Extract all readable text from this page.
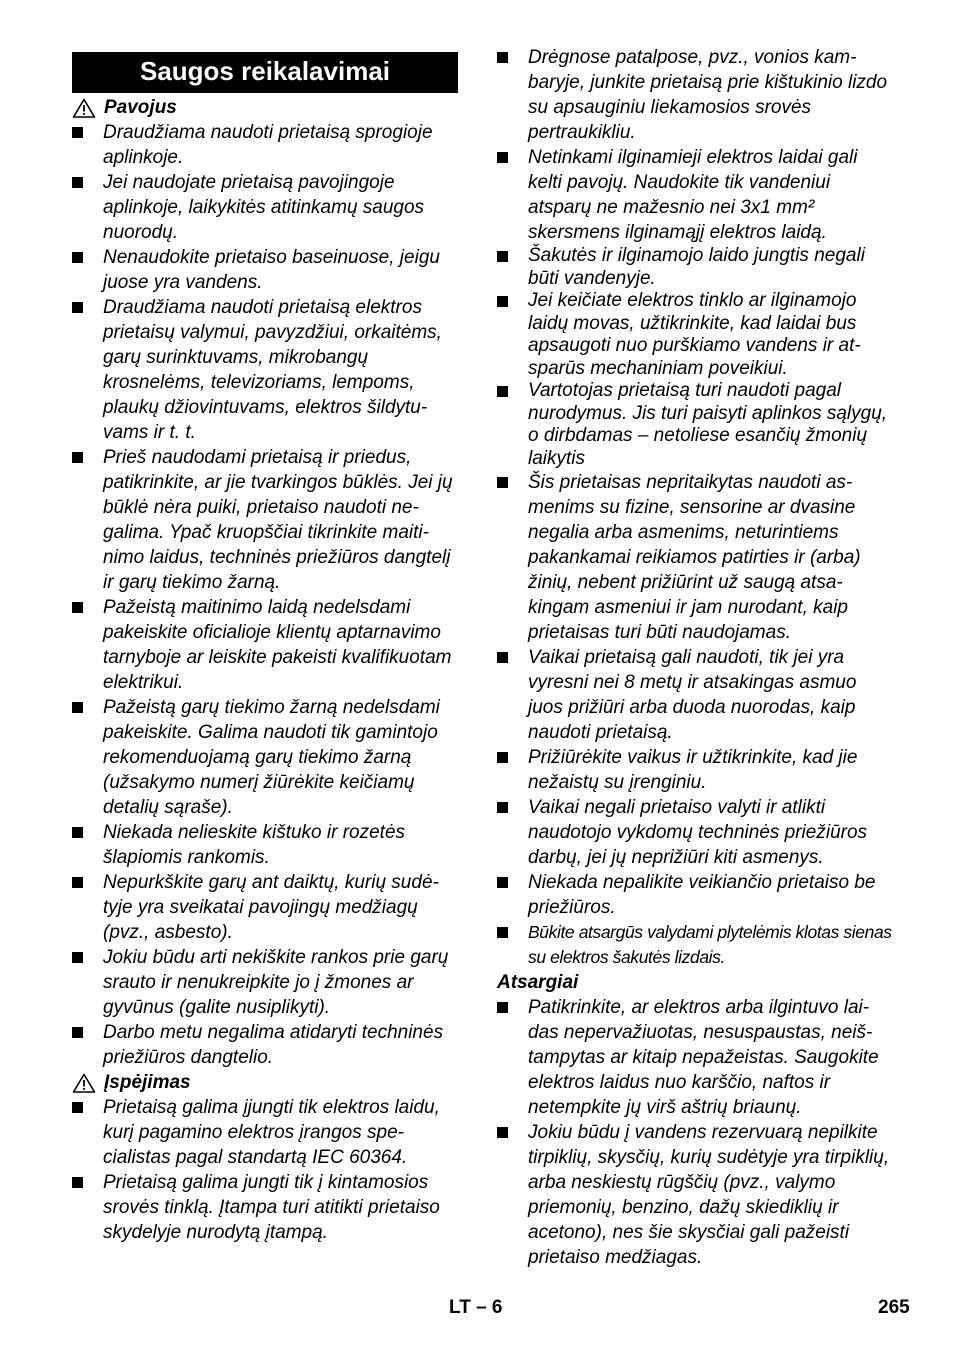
Saugos reikalavimai
Pavojus
Draudžiama naudoti prietaisą sprogioje aplinkoje.
Jei naudojate prietaisą pavojingoje aplinkoje, laikykitės atitinkamų saugos nuorodų.
Nenaudokite prietaiso baseinuose, jeigu juose yra vandens.
Draudžiama naudoti prietaisą elektros prietaisų valymui, pavyzdžiui, orkaitėms, garų surinktuvams, mikrobangų krosnelėms, televizoriams, lempoms, plaukų džiovintuvams, elektros šildytuvams ir t. t.
Prieš naudodami prietaisą ir priedus, patikrinkite, ar jie tvarkingos būklės. Jei jų būklė nėra puiki, prietaiso naudoti negalima. Ypač kruopščiai tikrinkite maitinimo laidus, techninės priežiūros dangtelį ir garų tiekimo žarną.
Pažeistą maitinimo laidą nedelsdami pakeiskite oficialioje klientų aptarnavimo tarnyboje ar leiskite pakeisti kvalifikuotam elektrikui.
Pažeistą garų tiekimo žarną nedelsdami pakeiskite. Galima naudoti tik gamintojo rekomenduojamą garų tiekimo žarną (užsakymo numerį žiūrėkite keičiamų detalių sąraše).
Niekada nelieskite kištuko ir rozetės šlapiomis rankomis.
Nepurkškite garų ant daiktų, kurių sudėtyje yra sveikatai pavojingų medžiagų (pvz., asbesto).
Jokiu būdu arti nekiškite rankos prie garų srauto ir nenukreipkite jo į žmones ar gyvūnus (galite nusiplikyti).
Darbo metu negalima atidaryti techninės priežiūros dangtelio.
Įspėjimas
Prietaisą galima įjungti tik elektros laidu, kurį pagamino elektros įrangos specialistas pagal standartą IEC 60364.
Prietaisą galima jungti tik į kintamosios srovės tinklą. Įtampa turi atitikti prietaiso skydelyje nurodytą įtampą.
Drėgnose patalpose, pvz., vonios kambaryje, junkite prietaisą prie kištukinio lizdo su apsauginiu liekamosios srovės pertraukikliu.
Netinkami ilginamieji elektros laidai gali kelti pavojų. Naudokite tik vandeniui atsparų ne mažesnio nei 3x1 mm² skersmens ilginamąjį elektros laidą.
Šakutės ir ilginamojo laido jungtis negali būti vandenyje.
Jei keičiate elektros tinklo ar ilginamojo laidų movas, užtikrinkite, kad laidai bus apsaugoti nuo purškiamo vandens ir atsparūs mechaniniam poveikiui.
Vartotojas prietaisą turi naudoti pagal nurodymus. Jis turi paisyti aplinkos sąlygų, o dirbdamas – netoliese esančių žmonių laikytis
Šis prietaisas nepritaikytas naudoti asmenims su fizine, sensorine ar dvasine negalia arba asmenims, neturintiems pakankamai reikiamos patirties ir (arba) žinių, nebent prižiūrint už saugą atsakingam asmeniui ir jam nurodant, kaip prietaisas turi būti naudojamas.
Vaikai prietaisą gali naudoti, tik jei yra vyresni nei 8 metų ir atsakingas asmuo juos prižiūri arba duoda nuorodas, kaip naudoti prietaisą.
Prižiūrėkite vaikus ir užtikrinkite, kad jie nežaistų su įrenginiu.
Vaikai negali prietaiso valyti ir atlikti naudotojo vykdomų techninės priežiūros darbų, jei jų neprižiūri kiti asmenys.
Niekada nepalikite veikiančio prietaiso be priežiūros.
Būkite atsargūs valydami plytelėmis klotas sienas su elektros šakutės lizdais.
Atsargiai
Patikrinkite, ar elektros arba ilgintuvo laidas nepervažiuotas, nesuspaustas, neištampytas ar kitaip nepažeistas. Saugokite elektros laidus nuo karščio, naftos ir netempkite jų virš aštrių briaunų.
Jokiu būdu į vandens rezervuarą nepilkite tirpiklių, skysčių, kurių sudėtyje yra tirpiklių, arba neskiestų rūgščių (pvz., valymo priemonių, benzino, dažų skiediklių ir acetono), nes šie skysčiai gali pažeisti prietaiso medžiagas.
LT – 6	265
